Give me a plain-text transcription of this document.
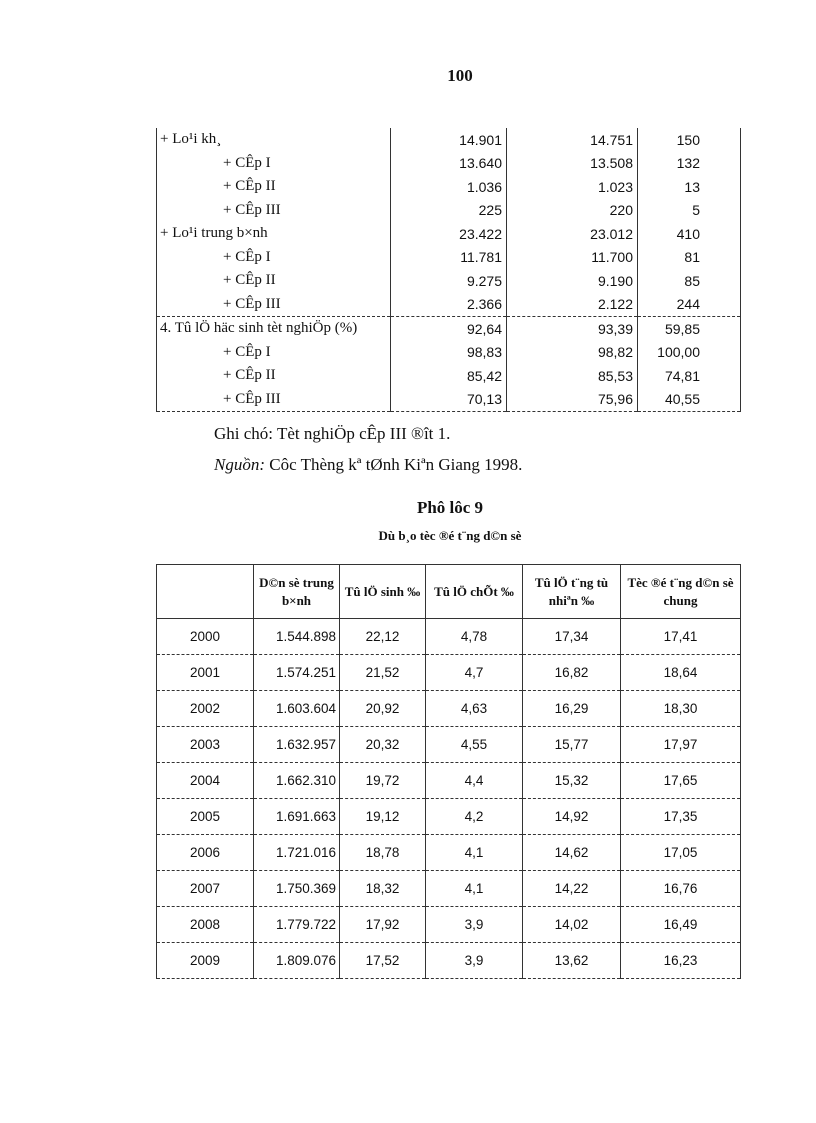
100
+ Lo¹i kh¸	14.901	14.751	150
+ CÊp I	13.640	13.508	132
+ CÊp II	1.036	1.023	13
+ CÊp III	225	220	5
+ Lo¹i trung b×nh	23.422	23.012	410
+ CÊp I	11.781	11.700	81
+ CÊp II	9.275	9.190	85
+ CÊp III	2.366	2.122	244
4. Tû lÖ häc sinh tèt nghiÖp (%)	92,64	93,39	59,85
+ CÊp I	98,83	98,82	100,00
+ CÊp II	85,42	85,53	74,81
+ CÊp III	70,13	75,96	40,55
Ghi chó: Tèt nghiÖp cÊp III ®ît 1.
Nguồn: Côc Thèng kª tØnh Kiªn Giang 1998.
Phô lôc 9
Dù b¸o tèc ®é t¨ng d©n sè
	D©n sè trung b×nh	Tû lÖ sinh ‰	Tû lÖ chÕt ‰	Tû lÖ t¨ng tù nhiªn ‰	Tèc ®é t¨ng d©n sè chung
2000	1.544.898	22,12	4,78	17,34	17,41
2001	1.574.251	21,52	4,7	16,82	18,64
2002	1.603.604	20,92	4,63	16,29	18,30
2003	1.632.957	20,32	4,55	15,77	17,97
2004	1.662.310	19,72	4,4	15,32	17,65
2005	1.691.663	19,12	4,2	14,92	17,35
2006	1.721.016	18,78	4,1	14,62	17,05
2007	1.750.369	18,32	4,1	14,22	16,76
2008	1.779.722	17,92	3,9	14,02	16,49
2009	1.809.076	17,52	3,9	13,62	16,23
